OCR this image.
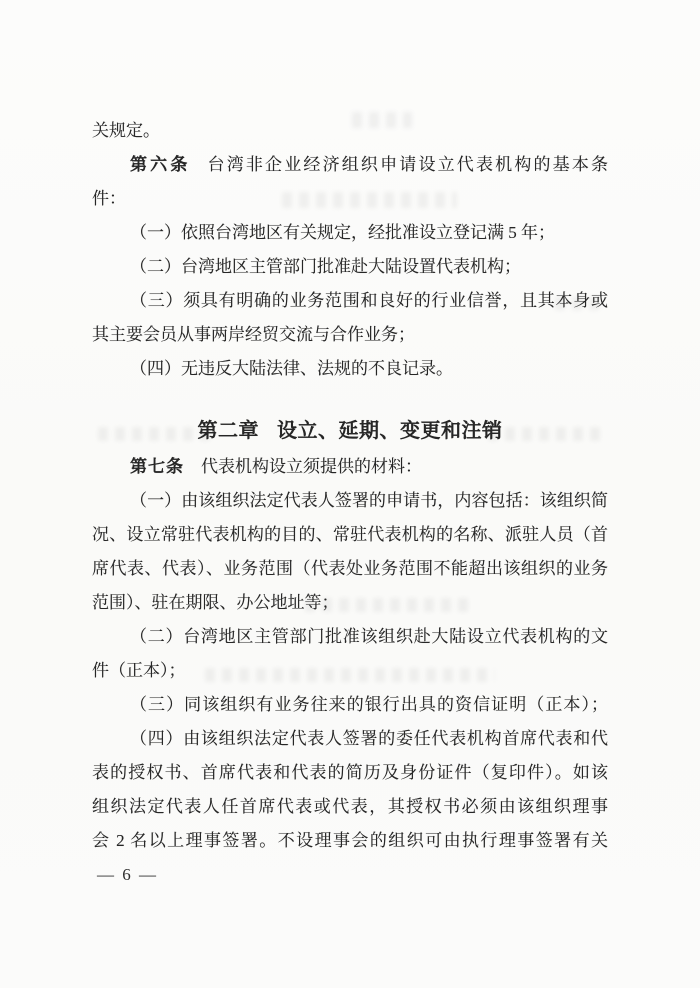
关规定。
第六条 台湾非企业经济组织申请设立代表机构的基本条
件：
（一）依照台湾地区有关规定，经批准设立登记满 5 年；
（二）台湾地区主管部门批准赴大陆设置代表机构；
（三）须具有明确的业务范围和良好的行业信誉，且其本身或
其主要会员从事两岸经贸交流与合作业务；
（四）无违反大陆法律、法规的不良记录。
第二章 设立、延期、变更和注销
第七条 代表机构设立须提供的材料：
（一）由该组织法定代表人签署的申请书，内容包括：该组织简
况、设立常驻代表机构的目的、常驻代表机构的名称、派驻人员（首
席代表、代表）、业务范围（代表处业务范围不能超出该组织的业务
范围）、驻在期限、办公地址等；
（二）台湾地区主管部门批准该组织赴大陆设立代表机构的文
件（正本）；
（三）同该组织有业务往来的银行出具的资信证明（正本）；
（四）由该组织法定代表人签署的委任代表机构首席代表和代
表的授权书、首席代表和代表的简历及身份证件（复印件）。如该
组织法定代表人任首席代表或代表，其授权书必须由该组织理事
会 2 名以上理事签署。不设理事会的组织可由执行理事签署有关
— 6 —
